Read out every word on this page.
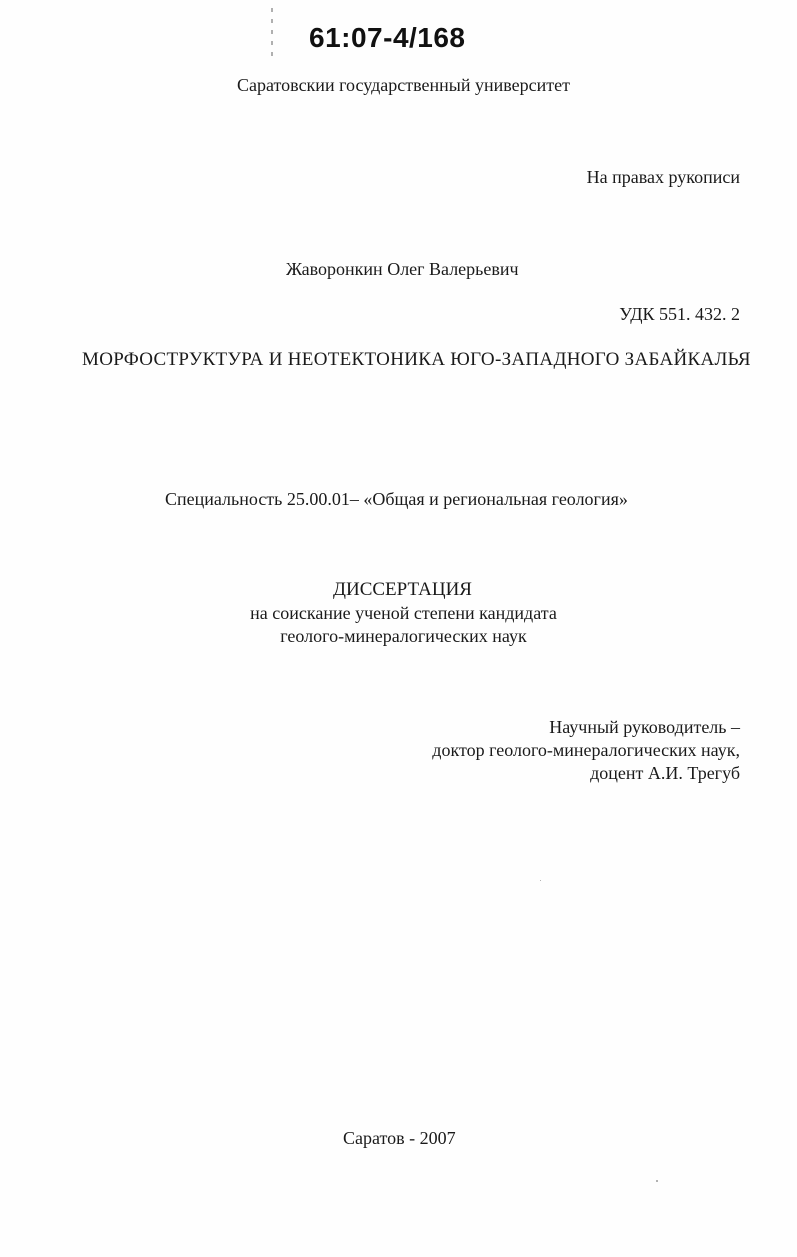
61:07-4/168
Саратовскии государственный университет
На правах рукописи
Жаворонкин Олег Валерьевич
УДК 551. 432. 2
МОРФОСТРУКТУРА И НЕОТЕКТОНИКА ЮГО-ЗАПАДНОГО ЗАБАЙКАЛЬЯ
Специальность 25.00.01– «Общая и региональная геология»
ДИССЕРТАЦИЯ
на соискание ученой степени кандидата
геолого-минералогических наук
Научный руководитель –
доктор геолого-минералогических наук,
доцент А.И. Трегуб
Саратов - 2007
